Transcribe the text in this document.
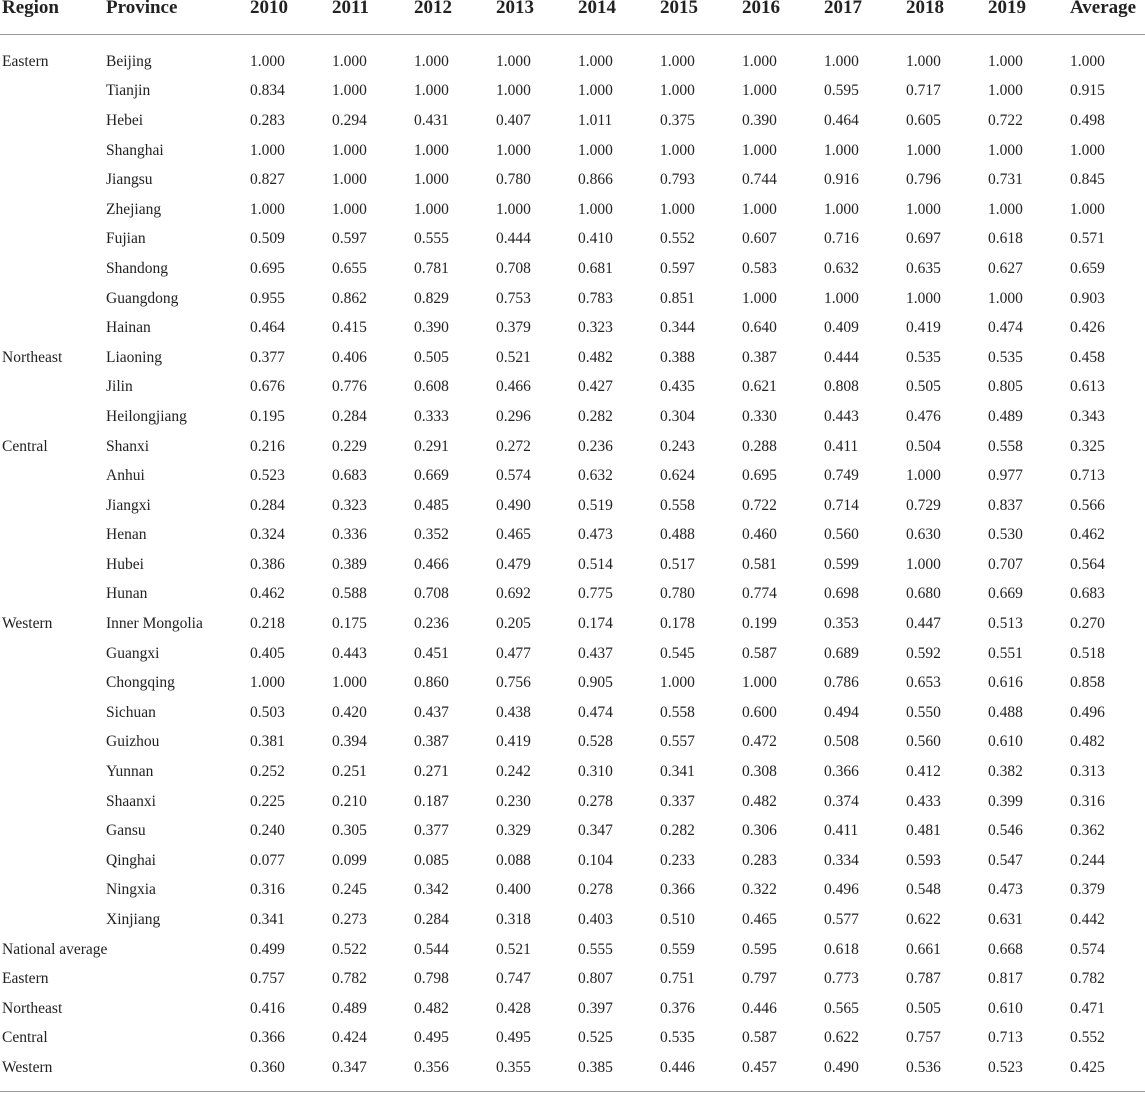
Region	Province	2010	2011	2012	2013	2014	2015	2016	2017	2018	2019	Average

Eastern	Beijing	1.000	1.000	1.000	1.000	1.000	1.000	1.000	1.000	1.000	1.000	1.000
	Tianjin	0.834	1.000	1.000	1.000	1.000	1.000	1.000	0.595	0.717	1.000	0.915
	Hebei	0.283	0.294	0.431	0.407	1.011	0.375	0.390	0.464	0.605	0.722	0.498
	Shanghai	1.000	1.000	1.000	1.000	1.000	1.000	1.000	1.000	1.000	1.000	1.000
	Jiangsu	0.827	1.000	1.000	0.780	0.866	0.793	0.744	0.916	0.796	0.731	0.845
	Zhejiang	1.000	1.000	1.000	1.000	1.000	1.000	1.000	1.000	1.000	1.000	1.000
	Fujian	0.509	0.597	0.555	0.444	0.410	0.552	0.607	0.716	0.697	0.618	0.571
	Shandong	0.695	0.655	0.781	0.708	0.681	0.597	0.583	0.632	0.635	0.627	0.659
	Guangdong	0.955	0.862	0.829	0.753	0.783	0.851	1.000	1.000	1.000	1.000	0.903
	Hainan	0.464	0.415	0.390	0.379	0.323	0.344	0.640	0.409	0.419	0.474	0.426
Northeast	Liaoning	0.377	0.406	0.505	0.521	0.482	0.388	0.387	0.444	0.535	0.535	0.458
	Jilin	0.676	0.776	0.608	0.466	0.427	0.435	0.621	0.808	0.505	0.805	0.613
	Heilongjiang	0.195	0.284	0.333	0.296	0.282	0.304	0.330	0.443	0.476	0.489	0.343
Central	Shanxi	0.216	0.229	0.291	0.272	0.236	0.243	0.288	0.411	0.504	0.558	0.325
	Anhui	0.523	0.683	0.669	0.574	0.632	0.624	0.695	0.749	1.000	0.977	0.713
	Jiangxi	0.284	0.323	0.485	0.490	0.519	0.558	0.722	0.714	0.729	0.837	0.566
	Henan	0.324	0.336	0.352	0.465	0.473	0.488	0.460	0.560	0.630	0.530	0.462
	Hubei	0.386	0.389	0.466	0.479	0.514	0.517	0.581	0.599	1.000	0.707	0.564
	Hunan	0.462	0.588	0.708	0.692	0.775	0.780	0.774	0.698	0.680	0.669	0.683
Western	Inner Mongolia	0.218	0.175	0.236	0.205	0.174	0.178	0.199	0.353	0.447	0.513	0.270
	Guangxi	0.405	0.443	0.451	0.477	0.437	0.545	0.587	0.689	0.592	0.551	0.518
	Chongqing	1.000	1.000	0.860	0.756	0.905	1.000	1.000	0.786	0.653	0.616	0.858
	Sichuan	0.503	0.420	0.437	0.438	0.474	0.558	0.600	0.494	0.550	0.488	0.496
	Guizhou	0.381	0.394	0.387	0.419	0.528	0.557	0.472	0.508	0.560	0.610	0.482
	Yunnan	0.252	0.251	0.271	0.242	0.310	0.341	0.308	0.366	0.412	0.382	0.313
	Shaanxi	0.225	0.210	0.187	0.230	0.278	0.337	0.482	0.374	0.433	0.399	0.316
	Gansu	0.240	0.305	0.377	0.329	0.347	0.282	0.306	0.411	0.481	0.546	0.362
	Qinghai	0.077	0.099	0.085	0.088	0.104	0.233	0.283	0.334	0.593	0.547	0.244
	Ningxia	0.316	0.245	0.342	0.400	0.278	0.366	0.322	0.496	0.548	0.473	0.379
	Xinjiang	0.341	0.273	0.284	0.318	0.403	0.510	0.465	0.577	0.622	0.631	0.442
National average		0.499	0.522	0.544	0.521	0.555	0.559	0.595	0.618	0.661	0.668	0.574
Eastern		0.757	0.782	0.798	0.747	0.807	0.751	0.797	0.773	0.787	0.817	0.782
Northeast		0.416	0.489	0.482	0.428	0.397	0.376	0.446	0.565	0.505	0.610	0.471
Central		0.366	0.424	0.495	0.495	0.525	0.535	0.587	0.622	0.757	0.713	0.552
Western		0.360	0.347	0.356	0.355	0.385	0.446	0.457	0.490	0.536	0.523	0.425
